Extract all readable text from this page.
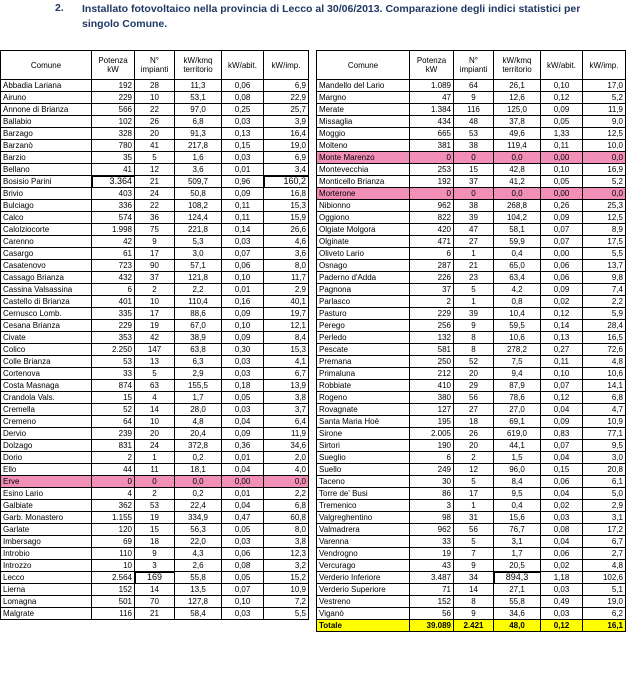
2. Installato fotovoltaico nella provincia di Lecco al 30/06/2013. Comparazione degli indici statistici per singolo Comune.
Comune	Potenza kW	N° impianti	kW/kmq territorio	kW/abit.	kW/imp.
Abbadia Lariana	192	28	11,3	0,06	6,9
Airuno	229	10	53,1	0,08	22,9
Annone di Brianza	566	22	97,0	0,25	25,7
Ballabio	102	26	6,8	0,03	3,9
Barzago	328	20	91,3	0,13	16,4
Barzanò	780	41	217,8	0,15	19,0
Barzio	35	5	1,6	0,03	6,9
Bellano	41	12	3,6	0,01	3,4
Bosisio Parini	3.364	21	509,7	0,96	160,2
Brivio	403	24	50,8	0,09	16,8
Bulciago	336	22	108,2	0,11	15,3
Calco	574	36	124,4	0,11	15,9
Calolziocorte	1.998	75	221,8	0,14	26,6
Carenno	42	9	5,3	0,03	4,6
Casargo	61	17	3,0	0,07	3,6
Casatenovo	723	90	57,1	0,06	8,0
Cassago Brianza	432	37	121,8	0,10	11,7
Cassina Valsassina	6	2	2,2	0,01	2,9
Castello di Brianza	401	10	110,4	0,16	40,1
Cernusco Lomb.	335	17	88,6	0,09	19,7
Cesana Brianza	229	19	67,0	0,10	12,1
Civate	353	42	38,9	0,09	8,4
Colico	2.250	147	63,8	0,30	15,3
Colle Brianza	53	13	6,3	0,03	4,1
Cortenova	33	5	2,9	0,03	6,7
Costa Masnaga	874	63	155,5	0,18	13,9
Crandola Vals.	15	4	1,7	0,05	3,8
Cremella	52	14	28,0	0,03	3,7
Cremeno	64	10	4,8	0,04	6,4
Dervio	239	20	20,4	0,09	11,9
Dolzago	831	24	372,8	0,36	34,6
Dorio	2	1	0,2	0,01	2,0
Ello	44	11	18,1	0,04	4,0
Erve	0	0	0,0	0,00	0,0
Esino Lario	4	2	0,2	0,01	2,2
Galbiate	362	53	22,4	0,04	6,8
Garb. Monastero	1.155	19	334,9	0,47	60,8
Garlate	120	15	56,3	0,05	8,0
Imbersago	69	18	22,0	0,03	3,8
Introbio	110	9	4,3	0,06	12,3
Introzzo	10	3	2,6	0,08	3,2
Lecco	2.564	169	55,8	0,05	15,2
Lierna	152	14	13,5	0,07	10,9
Lomagna	501	70	127,8	0,10	7,2
Malgrate	116	21	58,4	0,03	5,5
Comune	Potenza kW	N° impianti	kW/kmq territorio	kW/abit.	kW/imp.
Mandello del Lario	1.089	64	26,1	0,10	17,0
Margno	47	9	12,6	0,12	5,2
Merate	1.384	116	125,0	0,09	11,9
Missaglia	434	48	37,8	0,05	9,0
Moggio	665	53	49,6	1,33	12,5
Molteno	381	38	119,4	0,11	10,0
Monte Marenzo	0	0	0,0	0,00	0,0
Montevecchia	253	15	42,8	0,10	16,9
Monticello Brianza	192	37	41,2	0,05	5,2
Morterone	0	0	0,0	0,00	0,0
Nibionno	962	38	268,8	0,26	25,3
Oggiono	822	39	104,2	0,09	12,5
Olgiate Molgora	420	47	58,1	0,07	8,9
Olginate	471	27	59,9	0,07	17,5
Oliveto Lario	6	1	0,4	0,00	5,5
Osnago	287	21	65,0	0,06	13,7
Paderno d'Adda	226	23	63,4	0,06	9,8
Pagnona	37	5	4,2	0,09	7,4
Parlasco	2	1	0,8	0,02	2,2
Pasturo	229	39	10,4	0,12	5,9
Perego	256	9	59,5	0,14	28,4
Perledo	132	8	10,6	0,13	16,5
Pescate	581	8	278,2	0,27	72,6
Premana	250	52	7,5	0,11	4,8
Primaluna	212	20	9,4	0,10	10,6
Robbiate	410	29	87,9	0,07	14,1
Rogeno	380	56	78,6	0,12	6,8
Rovagnate	127	27	27,0	0,04	4,7
Santa Maria Hoè	195	18	69,1	0,09	10,9
Sirone	2.005	26	619,0	0,83	77,1
Sirtori	190	20	44,1	0,07	9,5
Sueglio	6	2	1,5	0,04	3,0
Suello	249	12	96,0	0,15	20,8
Taceno	30	5	8,4	0,06	6,1
Torre de' Busi	86	17	9,5	0,04	5,0
Tremenico	3	1	0,4	0,02	2,9
Valgreghentino	98	31	15,6	0,03	3,1
Valmadrera	962	56	76,7	0,08	17,2
Varenna	33	5	3,1	0,04	6,7
Vendrogno	19	7	1,7	0,06	2,7
Vercurago	43	9	20,5	0,02	4,8
Verderio Inferiore	3.487	34	894,3	1,18	102,6
Verderio Superiore	71	14	27,1	0,03	5,1
Vestreno	152	8	55,8	0,49	19,0
Viganò	56	9	34,6	0,03	6,2
Totale	39.089	2.421	48,0	0,12	16,1
